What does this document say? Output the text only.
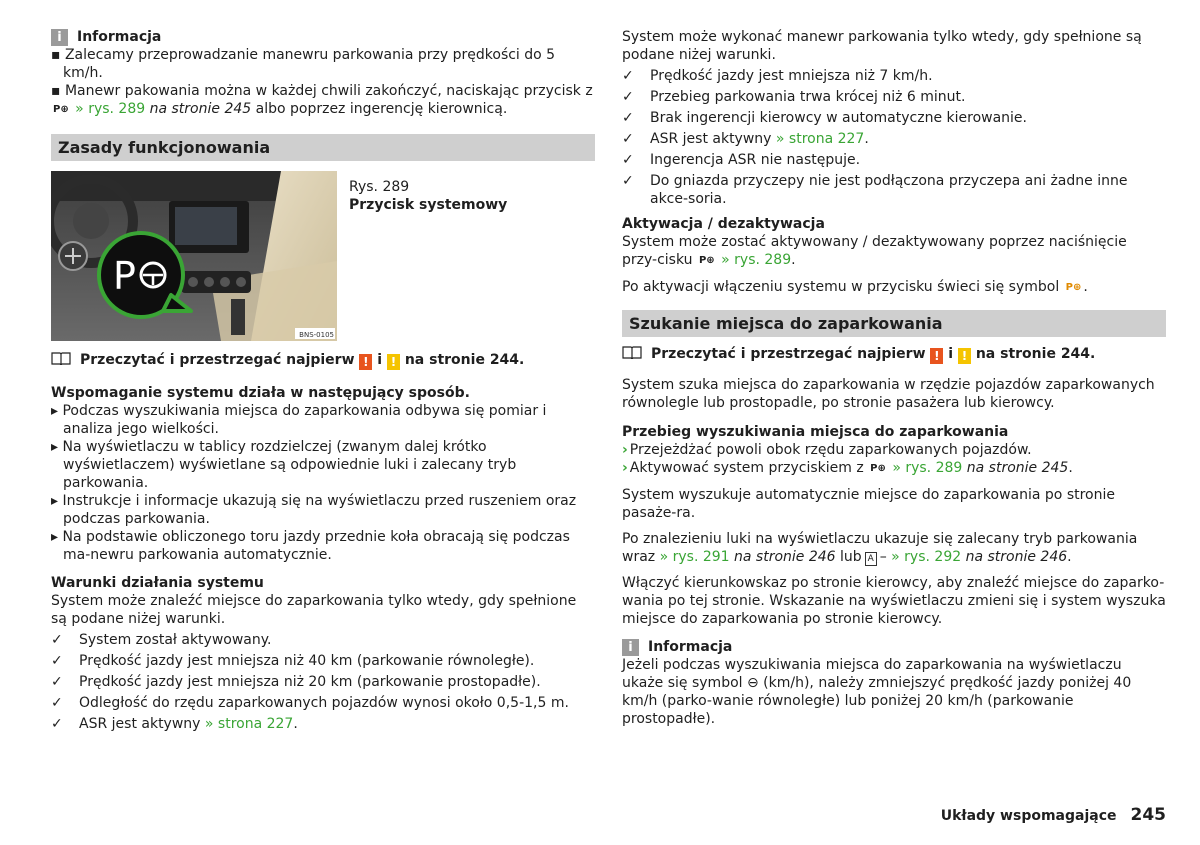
i	Informacja

▪ Zalecamy przeprowadzanie manewru parkowania przy prędkości do 5 km/h.

▪ Manewr pakowania można w każdej chwili zakończyć, naciskając przycisk z
P⊕ » rys. 289 na stronie 245 albo poprzez ingerencję kierownicą.

Zasady funkcjonowania
P
BNS-0105

Rys. 289

Przycisk systemowy

Przeczytać i przestrzegać najpierw ! i ! na stronie 244.

Wspomaganie systemu działa w następujący sposób.

▸ Podczas wyszukiwania miejsca do zaparkowania odbywa się pomiar i analiza jego wielkości.

▸ Na wyświetlaczu w tablicy rozdzielczej (zwanym dalej krótko wyświetlaczem) wyświetlane są odpowiednie luki i zalecany tryb parkowania.

▸ Instrukcje i informacje ukazują się na wyświetlaczu przed ruszeniem oraz podczas parkowania.

▸ Na podstawie obliczonego toru jazdy przednie koła obracają się podczas ma-newru parkowania automatycznie.

Warunki działania systemu

System może znaleźć miejsce do zaparkowania tylko wtedy, gdy spełnione są podane niżej warunki.

✓	System został aktywowany.
✓	Prędkość jazdy jest mniejsza niż 40 km (parkowanie równoległe).
✓	Prędkość jazdy jest mniejsza niż 20 km (parkowanie prostopadłe).
✓	Odległość do rzędu zaparkowanych pojazdów wynosi około 0,5-1,5 m.
✓	ASR jest aktywny » strona 227.

System może wykonać manewr parkowania tylko wtedy, gdy spełnione są podane niżej warunki.

✓	Prędkość jazdy jest mniejsza niż 7 km/h.
✓	Przebieg parkowania trwa krócej niż 6 minut.
✓	Brak ingerencji kierowcy w automatyczne kierowanie.
✓	ASR jest aktywny » strona 227.
✓	Ingerencja ASR nie następuje.
✓	Do gniazda przyczepy nie jest podłączona przyczepa ani żadne inne akce-soria.

Aktywacja / dezaktywacja

System może zostać aktywowany / dezaktywowany poprzez naciśnięcie przy-cisku P⊕ » rys. 289.

Po aktywacji włączeniu systemu w przycisku świeci się symbol P⊕ .

Szukanie miejsca do zaparkowania

Przeczytać i przestrzegać najpierw ! i ! na stronie 244.

System szuka miejsca do zaparkowania w rzędzie pojazdów zaparkowanych równolegle lub prostopadle, po stronie pasażera lub kierowcy.

Przebieg wyszukiwania miejsca do zaparkowania

› Przejeżdżać powoli obok rzędu zaparkowanych pojazdów.

› Aktywować system przyciskiem z P⊕ » rys. 289 na stronie 245.

System wyszukuje automatycznie miejsce do zaparkowania po stronie pasaże-ra.

Po znalezieniu luki na wyświetlaczu ukazuje się zalecany tryb parkowania wraz » rys. 291 na stronie 246 lub A – » rys. 292 na stronie 246.

Włączyć kierunkowskaz po stronie kierowcy, aby znaleźć miejsce do zaparko-wania po tej stronie. Wskazanie na wyświetlaczu zmieni się i system wyszuka miejsce do zaparkowania po stronie kierowcy.

i	Informacja

Jeżeli podczas wyszukiwania miejsca do zaparkowania na wyświetlaczu ukaże się symbol ⊖ (km/h), należy zmniejszyć prędkość jazdy poniżej 40 km/h (parko-wanie równoległe) lub poniżej 20 km/h (parkowanie prostopadłe).

Układy wspomagające 245
